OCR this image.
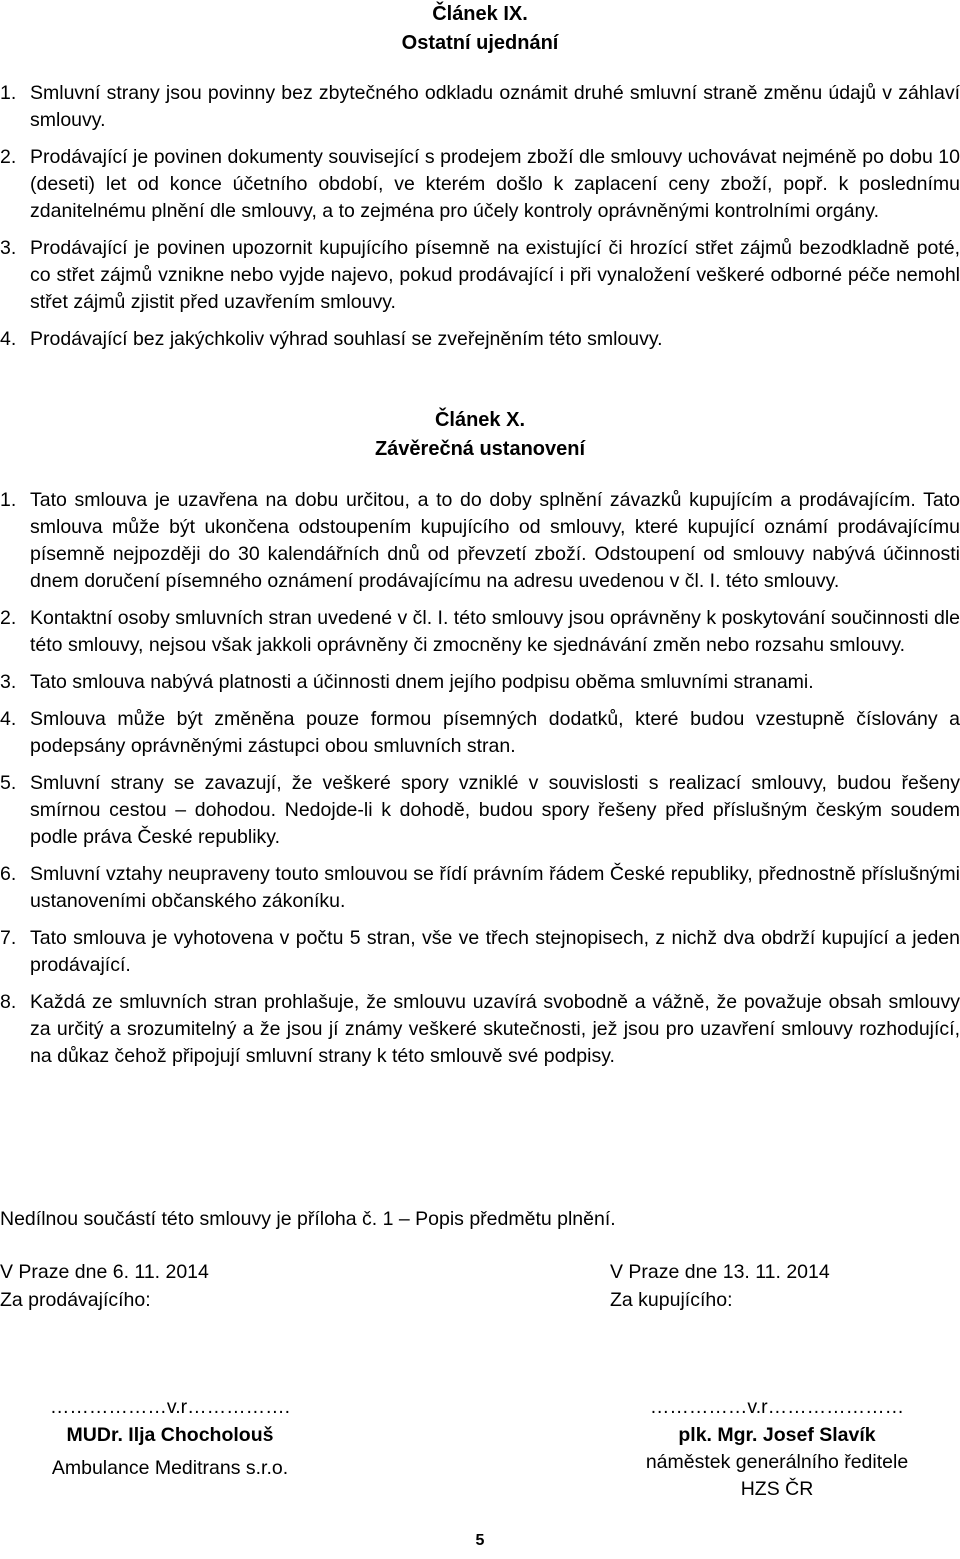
Článek IX.
Ostatní ujednání
1. Smluvní strany jsou povinny bez zbytečného odkladu oznámit druhé smluvní straně změnu údajů v záhlaví smlouvy.
2. Prodávající je povinen dokumenty související s prodejem zboží dle smlouvy uchovávat nejméně po dobu 10 (deseti) let od konce účetního období, ve kterém došlo k zaplacení ceny zboží, popř. k poslednímu zdanitelnému plnění dle smlouvy, a to zejména pro účely kontroly oprávněnými kontrolními orgány.
3. Prodávající je povinen upozornit kupujícího písemně na existující či hrozící střet zájmů bezodkladně poté, co střet zájmů vznikne nebo vyjde najevo, pokud prodávající i při vynaložení veškeré odborné péče nemohl střet zájmů zjistit před uzavřením smlouvy.
4. Prodávající bez jakýchkoliv výhrad souhlasí se zveřejněním této smlouvy.
Článek X.
Závěrečná ustanovení
1. Tato smlouva je uzavřena na dobu určitou, a to do doby splnění závazků kupujícím a prodávajícím. Tato smlouva může být ukončena odstoupením kupujícího od smlouvy, které kupující oznámí prodávajícímu písemně nejpozději do 30 kalendářních dnů od převzetí zboží. Odstoupení od smlouvy nabývá účinnosti dnem doručení písemného oznámení prodávajícímu na adresu uvedenou v čl. I. této smlouvy.
2. Kontaktní osoby smluvních stran uvedené v čl. I. této smlouvy jsou oprávněny k poskytování součinnosti dle této smlouvy, nejsou však jakkoli oprávněny či zmocněny ke sjednávání změn nebo rozsahu smlouvy.
3. Tato smlouva nabývá platnosti a účinnosti dnem jejího podpisu oběma smluvními stranami.
4. Smlouva může být změněna pouze formou písemných dodatků, které budou vzestupně číslovány a podepsány oprávněnými zástupci obou smluvních stran.
5. Smluvní strany se zavazují, že veškeré spory vzniklé v souvislosti s realizací smlouvy, budou řešeny smírnou cestou – dohodou. Nedojde-li k dohodě, budou spory řešeny před příslušným českým soudem podle práva České republiky.
6. Smluvní vztahy neupraveny touto smlouvou se řídí právním řádem České republiky, přednostně příslušnými ustanoveními občanského zákoníku.
7. Tato smlouva je vyhotovena v počtu 5 stran, vše ve třech stejnopisech, z nichž dva obdrží kupující a jeden prodávající.
8. Každá ze smluvních stran prohlašuje, že smlouvu uzavírá svobodně a vážně, že považuje obsah smlouvy za určitý a srozumitelný a že jsou jí známy veškeré skutečnosti, jež jsou pro uzavření smlouvy rozhodující, na důkaz čehož připojují smluvní strany k této smlouvě své podpisy.
Nedílnou součástí této smlouvy je příloha č. 1 – Popis předmětu plnění.
V Praze dne 6. 11. 2014
Za prodávajícího:
V Praze dne 13. 11. 2014
Za kupujícího:
………………v.r…………….
MUDr. Ilja Chocholouš
Ambulance Meditrans s.r.o.
……………v.r…………………
plk. Mgr. Josef Slavík
náměstek generálního ředitele
HZS ČR
5
